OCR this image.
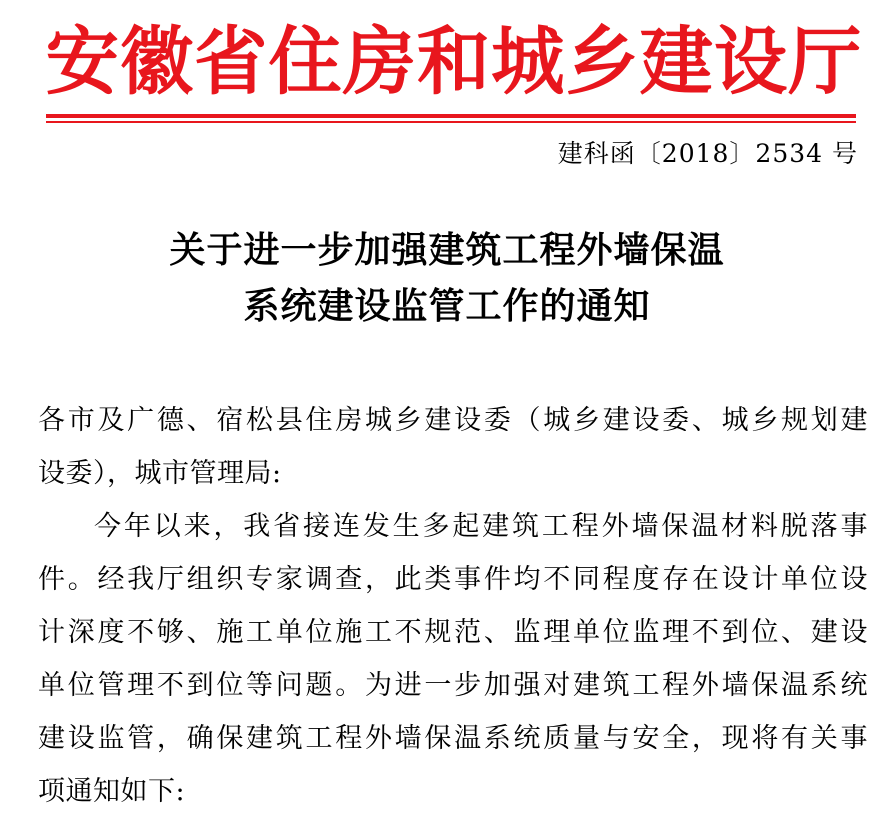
安徽省住房和城乡建设厅
建科函〔2018〕2534 号
关于进一步加强建筑工程外墙保温
系统建设监管工作的通知
各市及广德、宿松县住房城乡建设委（城乡建设委、城乡规划建
设委），城市管理局:
今年以来，我省接连发生多起建筑工程外墙保温材料脱落事
件。经我厅组织专家调查，此类事件均不同程度存在设计单位设
计深度不够、施工单位施工不规范、监理单位监理不到位、建设
单位管理不到位等问题。为进一步加强对建筑工程外墙保温系统
建设监管，确保建筑工程外墙保温系统质量与安全，现将有关事
项通知如下:
